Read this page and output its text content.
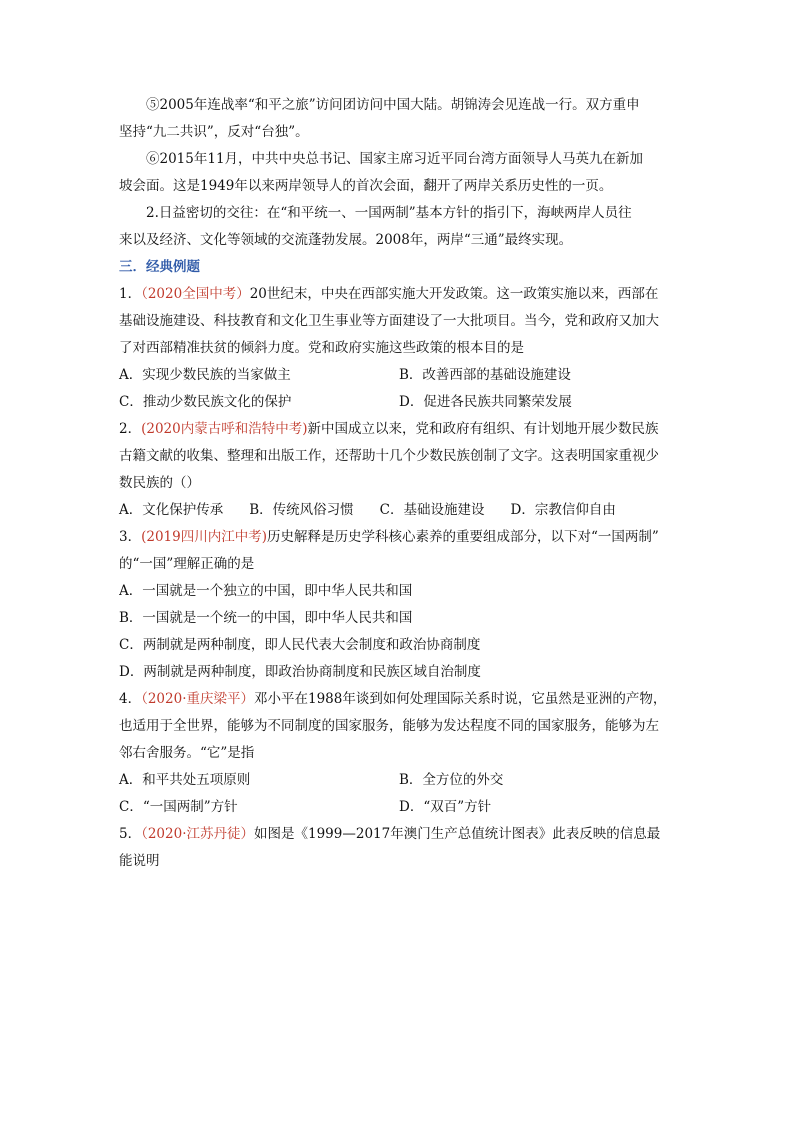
⑤2005年连战率“和平之旅”访问团访问中国大陆。胡锦涛会见连战一行。双方重申
坚持“九二共识”，反对“台独”。
⑥2015年11月，中共中央总书记、国家主席习近平同台湾方面领导人马英九在新加
坡会面。这是1949年以来两岸领导人的首次会面，翻开了两岸关系历史性的一页。
2.日益密切的交往：在“和平统一、一国两制”基本方针的指引下，海峡两岸人员往
来以及经济、文化等领域的交流蓬勃发展。2008年，两岸“三通”最终实现。
三．经典例题
1．（2020全国中考）20世纪末，中央在西部实施大开发政策。这一政策实施以来，西部在
基础设施建设、科技教育和文化卫生事业等方面建设了一大批项目。当今，党和政府又加大
了对西部精准扶贫的倾斜力度。党和政府实施这些政策的根本目的是
A．实现少数民族的当家做主	B．改善西部的基础设施建设
C．推动少数民族文化的保护	D．促进各民族共同繁荣发展
2．(2020内蒙古呼和浩特中考)新中国成立以来，党和政府有组织、有计划地开展少数民族
古籍文献的收集、整理和出版工作，还帮助十几个少数民族创制了文字。这表明国家重视少
数民族的（）
A．文化保护传承 B．传统风俗习惯 C．基础设施建设 D．宗教信仰自由
3．(2019四川内江中考)历史解释是历史学科核心素养的重要组成部分，以下对“一国两制”
的“一国”理解正确的是
A．一国就是一个独立的中国，即中华人民共和国
B．一国就是一个统一的中国，即中华人民共和国
C．两制就是两种制度，即人民代表大会制度和政治协商制度
D．两制就是两种制度，即政治协商制度和民族区域自治制度
4．（2020·重庆梁平）邓小平在1988年谈到如何处理国际关系时说，它虽然是亚洲的产物，
也适用于全世界，能够为不同制度的国家服务，能够为发达程度不同的国家服务，能够为左
邻右舍服务。“它”是指
A．和平共处五项原则	B．全方位的外交
C．“一国两制”方针	D．“双百”方针
5．（2020·江苏丹徒）如图是《1999—2017年澳门生产总值统计图表》此表反映的信息最
能说明
